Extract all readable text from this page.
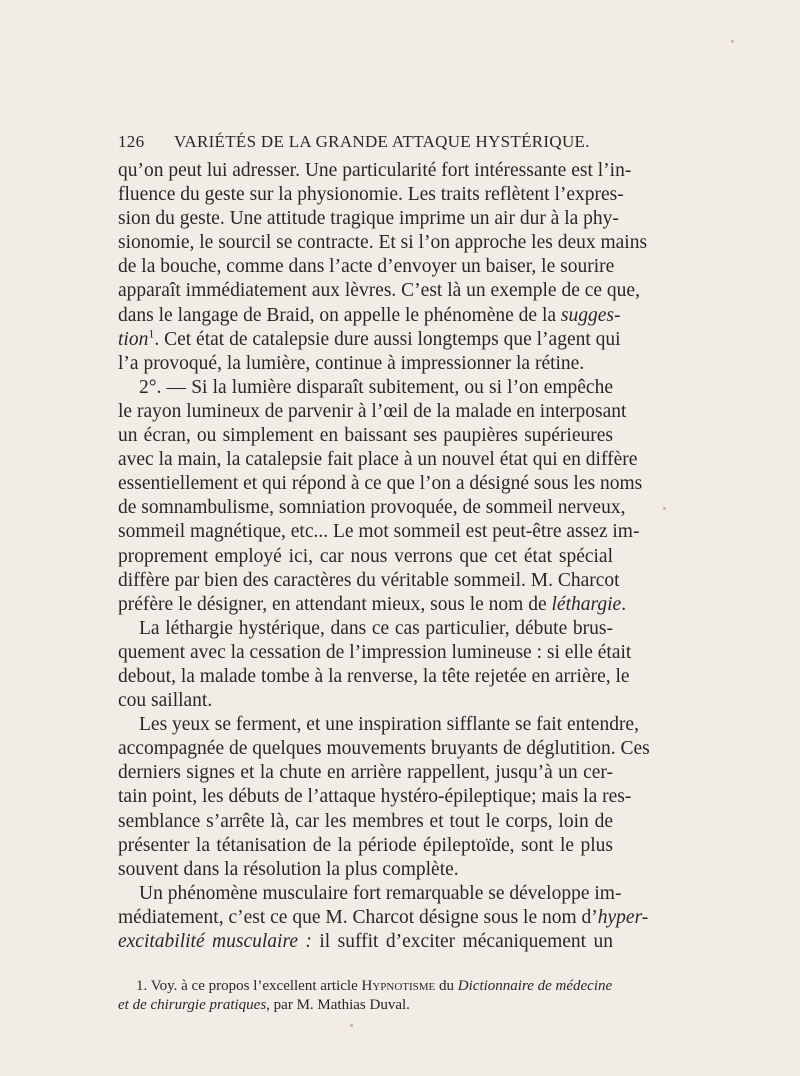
126 VARIÉTÉS DE LA GRANDE ATTAQUE HYSTÉRIQUE.
qu’on peut lui adresser. Une particularité fort intéressante est l’in-
fluence du geste sur la physionomie. Les traits reflètent l’expres-
sion du geste. Une attitude tragique imprime un air dur à la phy-
sionomie, le sourcil se contracte. Et si l’on approche les deux mains
de la bouche, comme dans l’acte d’envoyer un baiser, le sourire
apparaît immédiatement aux lèvres. C’est là un exemple de ce que,
dans le langage de Braid, on appelle le phénomène de la sugges-
tion$^1$. Cet état de catalepsie dure aussi longtemps que l’agent qui
l’a provoqué, la lumière, continue à impressionner la rétine.
2°. — Si la lumière disparaît subitement, ou si l’on empêche
le rayon lumineux de parvenir à l’œil de la malade en interposant
un écran, ou simplement en baissant ses paupières supérieures
avec la main, la catalepsie fait place à un nouvel état qui en diffère
essentiellement et qui répond à ce que l’on a désigné sous les noms
de somnambulisme, somniation provoquée, de sommeil nerveux,
sommeil magnétique, etc... Le mot sommeil est peut-être assez im-
proprement employé ici, car nous verrons que cet état spécial
diffère par bien des caractères du véritable sommeil. M. Charcot
préfère le désigner, en attendant mieux, sous le nom de léthargie.
La léthargie hystérique, dans ce cas particulier, débute brus-
quement avec la cessation de l’impression lumineuse : si elle était
debout, la malade tombe à la renverse, la tête rejetée en arrière, le
cou saillant.
Les yeux se ferment, et une inspiration sifflante se fait entendre,
accompagnée de quelques mouvements bruyants de déglutition. Ces
derniers signes et la chute en arrière rappellent, jusqu’à un cer-
tain point, les débuts de l’attaque hystéro-épileptique; mais la res-
semblance s’arrête là, car les membres et tout le corps, loin de
présenter la tétanisation de la période épileptoïde, sont le plus
souvent dans la résolution la plus complète.
Un phénomène musculaire fort remarquable se développe im-
médiatement, c’est ce que M. Charcot désigne sous le nom d’hyper-
excitabilité musculaire : il suffit d’exciter mécaniquement un
1. Voy. à ce propos l’excellent article Hypnotisme du Dictionnaire de médecine
et de chirurgie pratiques, par M. Mathias Duval.
